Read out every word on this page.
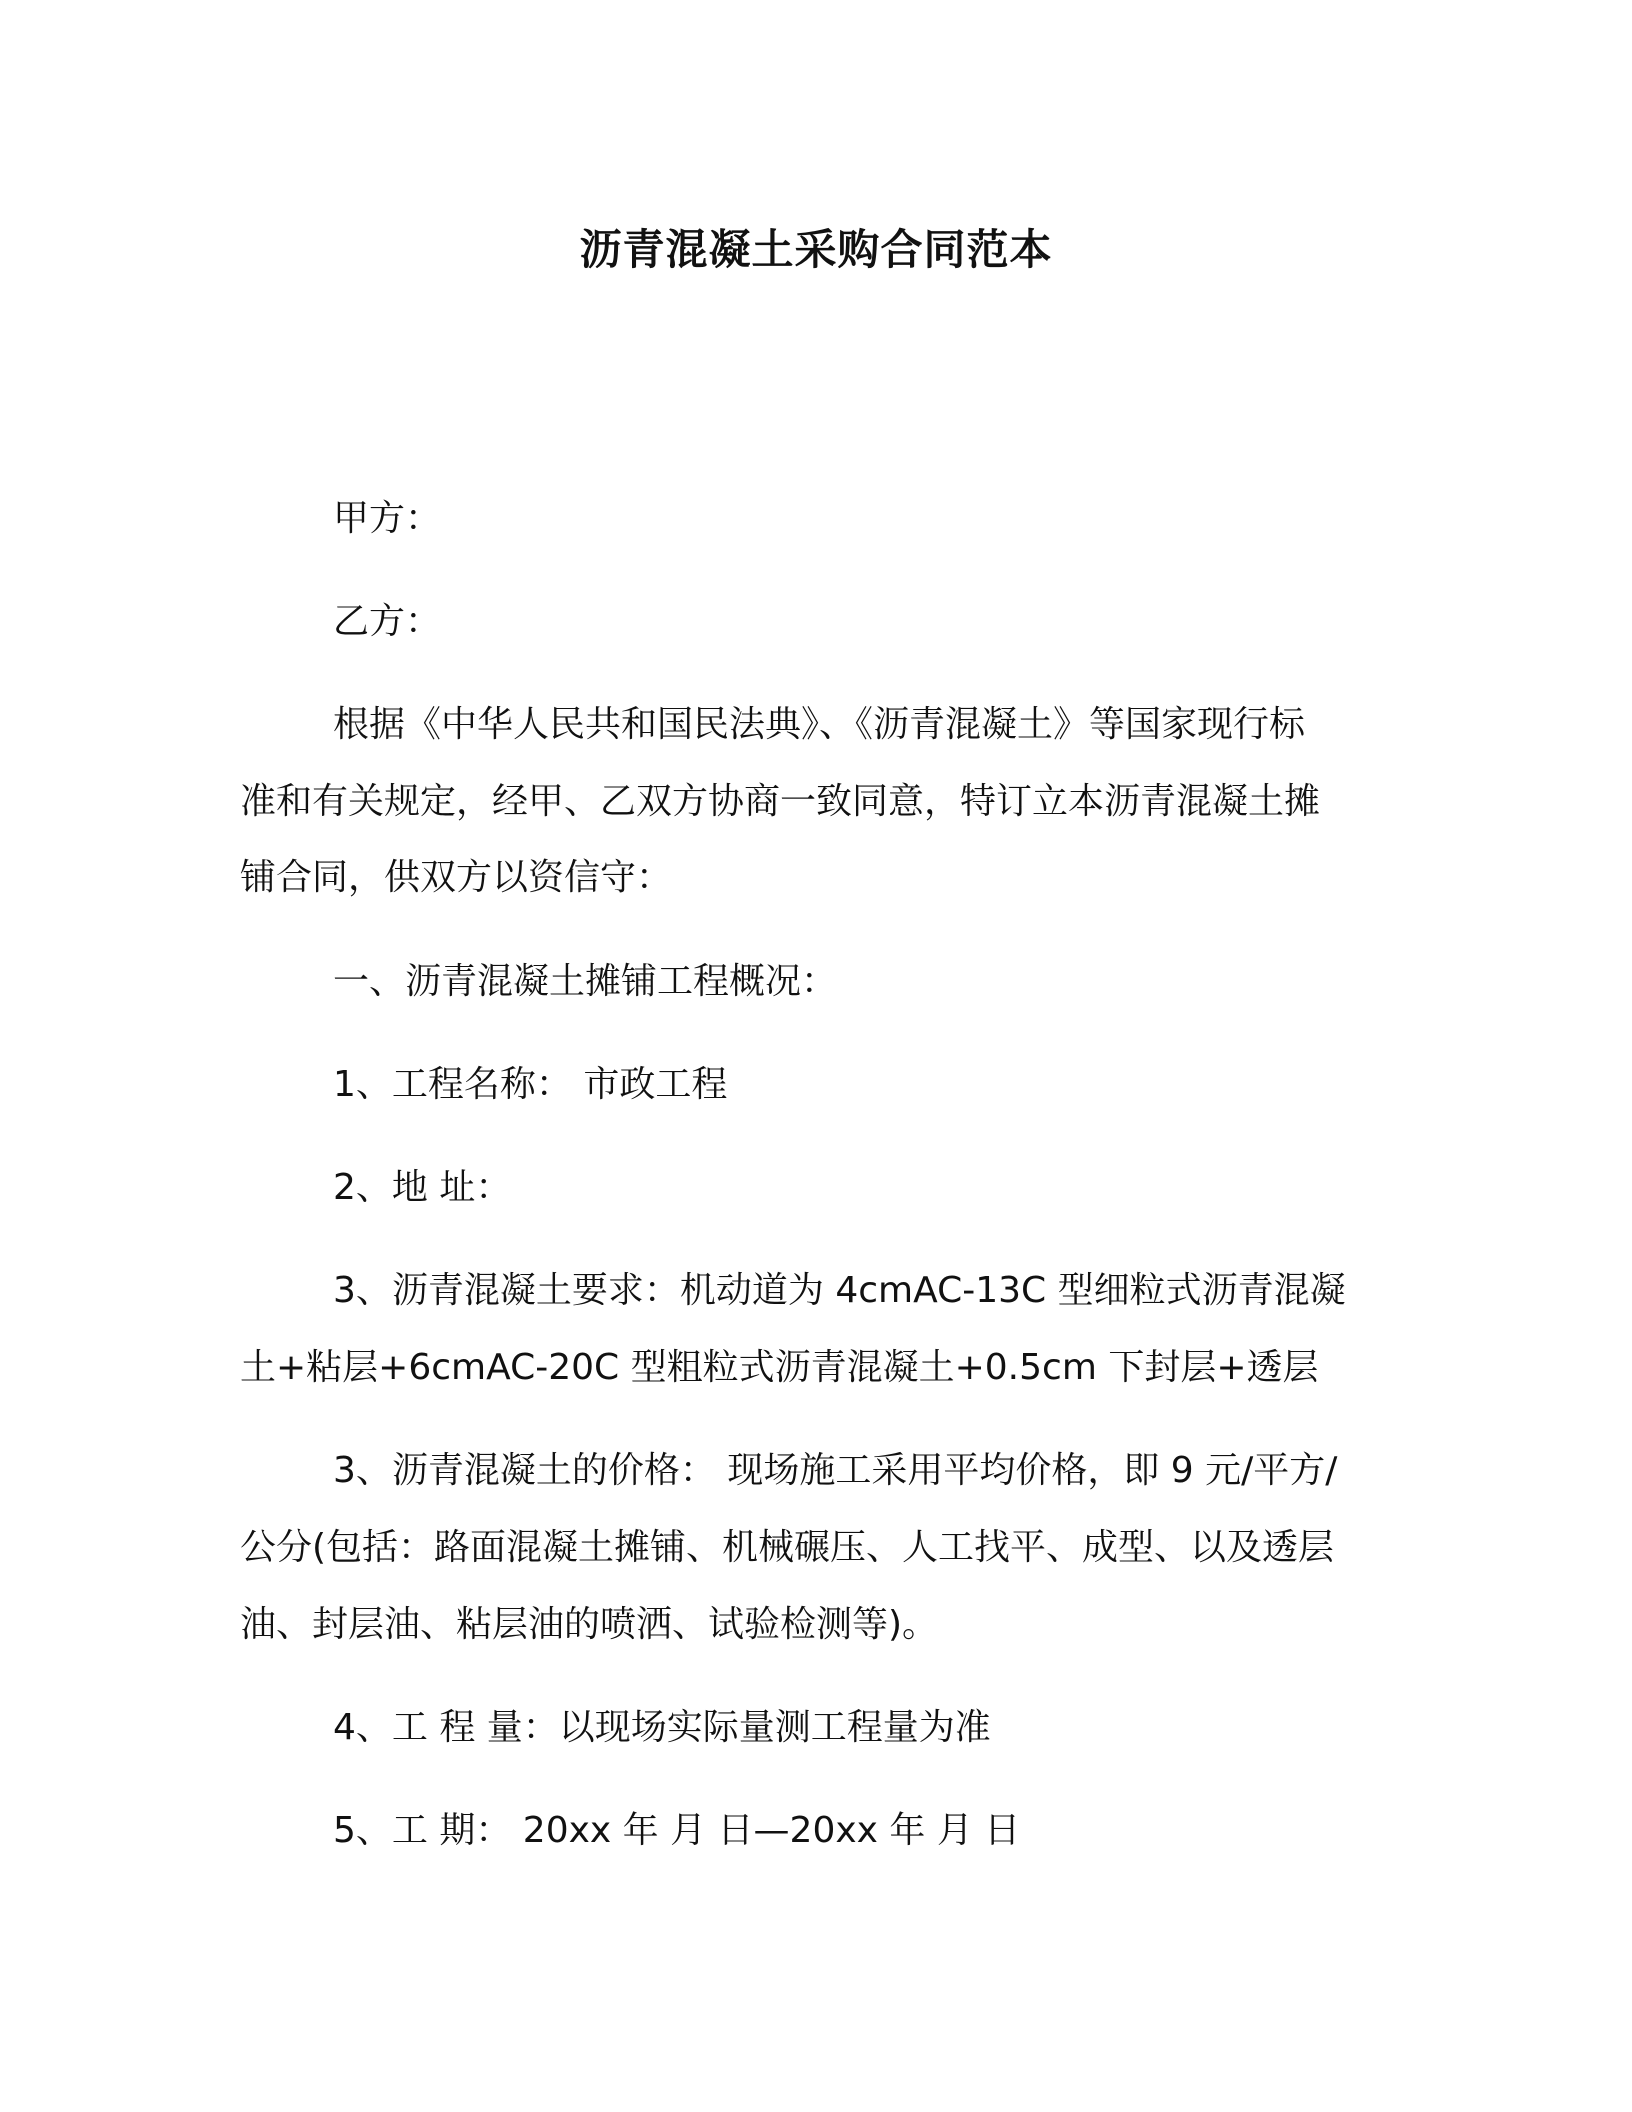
沥青混凝土采购合同范本
甲方：
乙方：
根据《中华人民共和国民法典》、《沥青混凝土》等国家现行标
准和有关规定，经甲、乙双方协商一致同意，特订立本沥青混凝土摊
铺合同，供双方以资信守：
一、沥青混凝土摊铺工程概况：
1、工程名称： 市政工程
2、地 址：
3、沥青混凝土要求：机动道为 4cmAC-13C 型细粒式沥青混凝
土+粘层+6cmAC-20C 型粗粒式沥青混凝土+0.5cm 下封层+透层
3、沥青混凝土的价格： 现场施工采用平均价格，即 9 元/平方/
公分(包括：路面混凝土摊铺、机械碾压、人工找平、成型、以及透层
油、封层油、粘层油的喷洒、试验检测等)。
4、工 程 量：以现场实际量测工程量为准
5、工 期： 20xx 年 月 日—20xx 年 月 日
